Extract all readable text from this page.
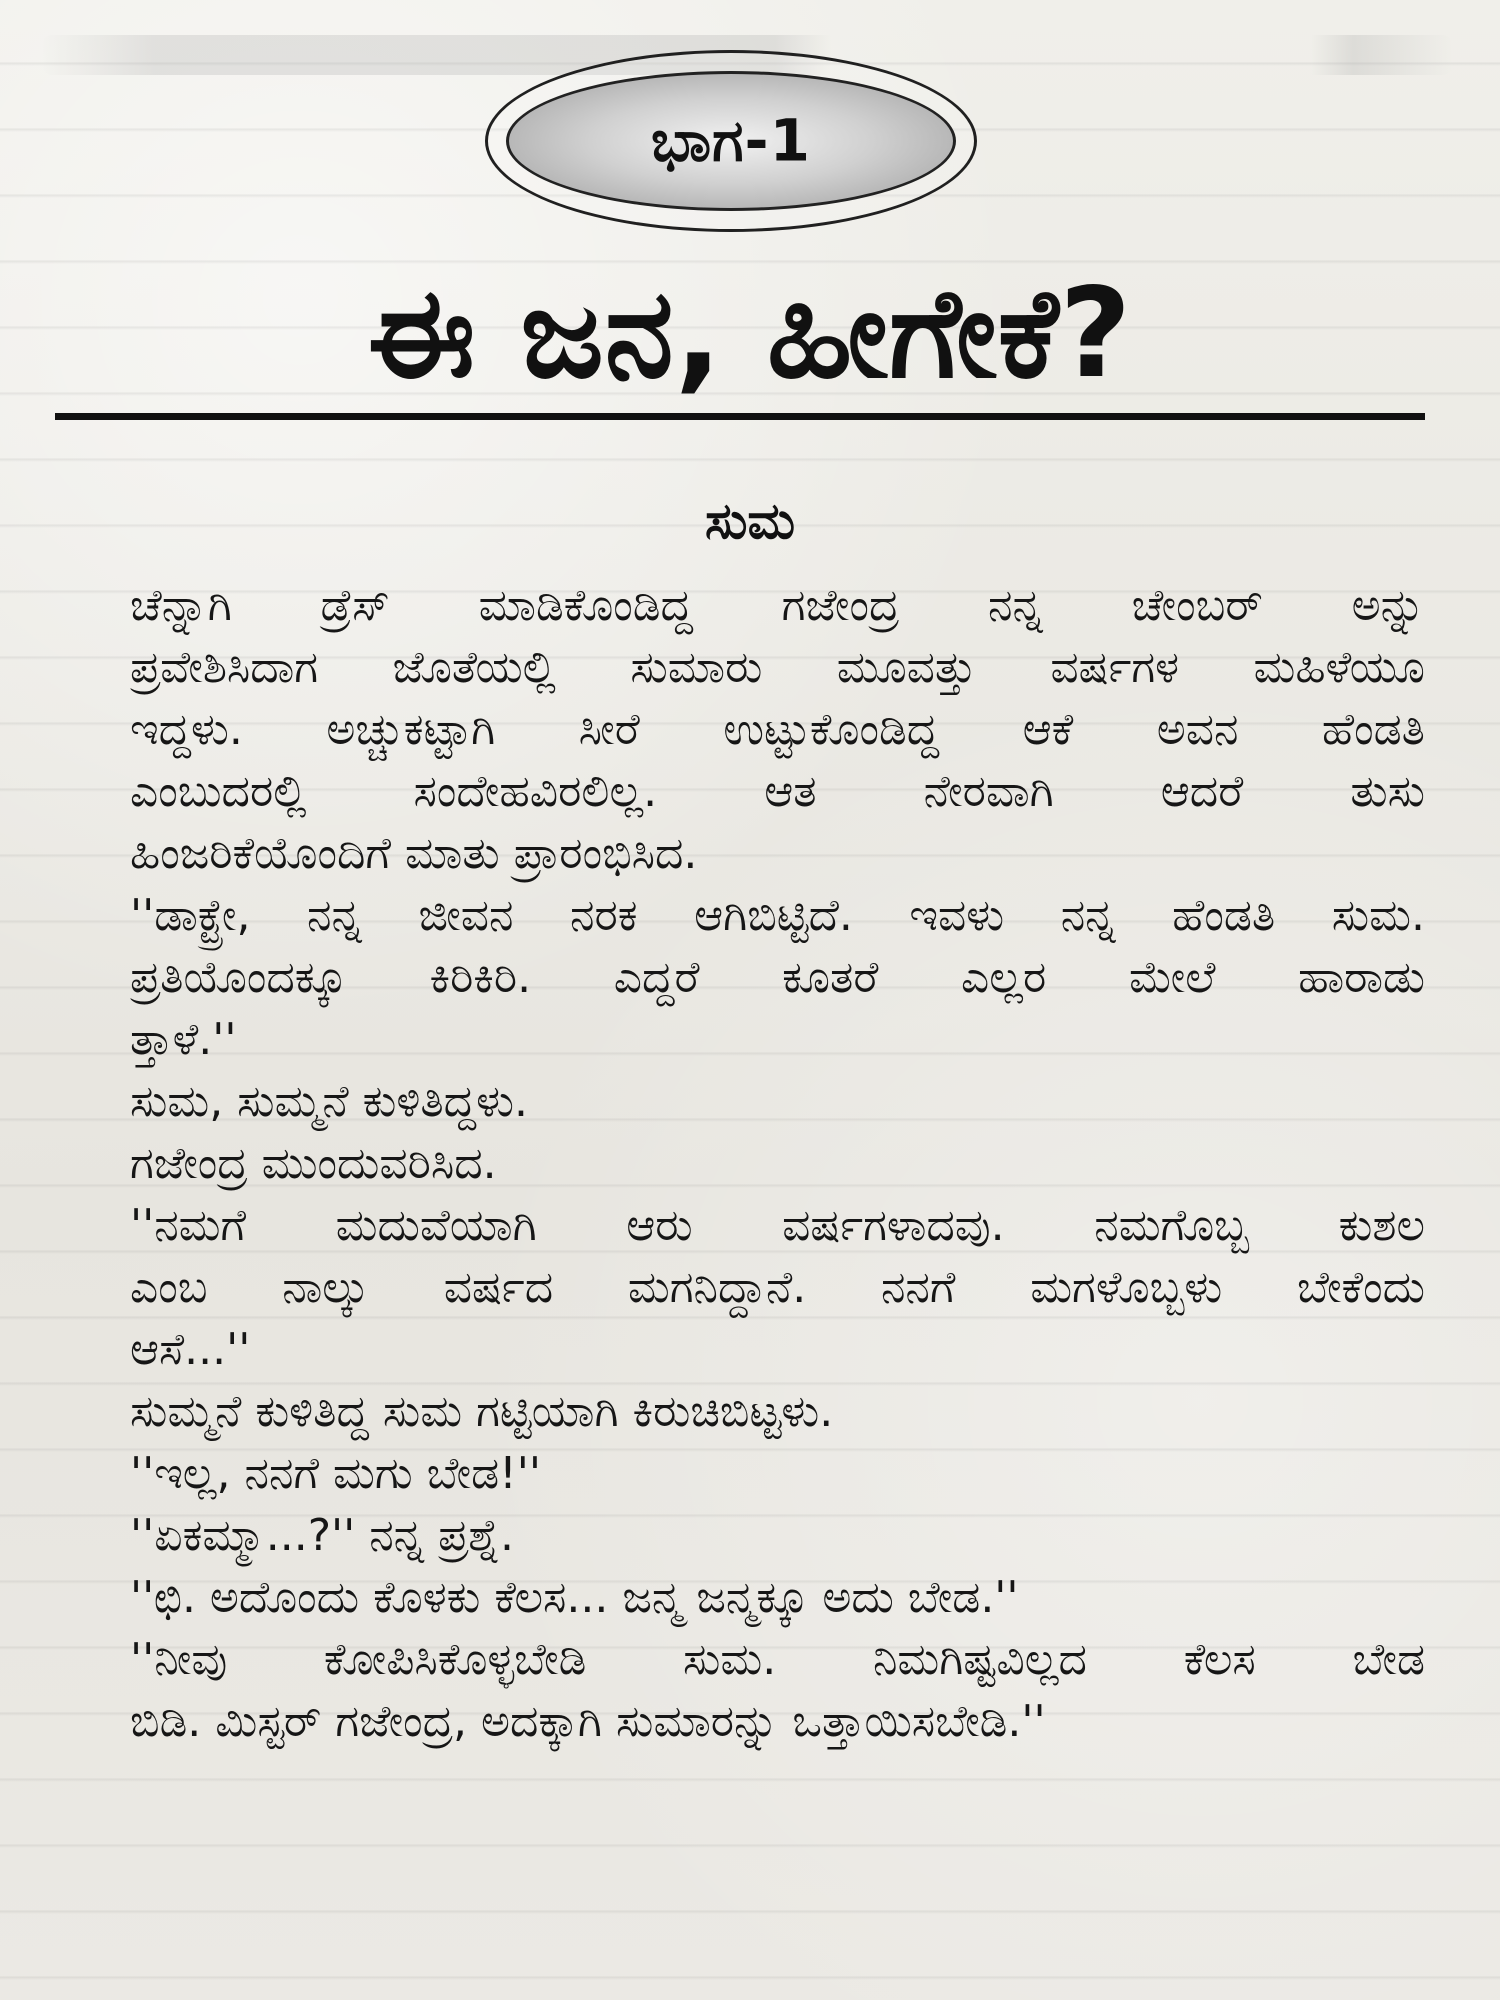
ಭಾಗ-1
ಈ ಜನ, ಹೀಗೇಕೆ?
ಸುಮ
ಚೆನ್ನಾಗಿ ಡ್ರೆಸ್ ಮಾಡಿಕೊಂಡಿದ್ದ ಗಜೇಂದ್ರ ನನ್ನ ಚೇಂಬರ್ ಅನ್ನು
ಪ್ರವೇಶಿಸಿದಾಗ ಜೊತೆಯಲ್ಲಿ ಸುಮಾರು ಮೂವತ್ತು ವರ್ಷಗಳ ಮಹಿಳೆಯೂ
ಇದ್ದಳು. ಅಚ್ಚುಕಟ್ಟಾಗಿ ಸೀರೆ ಉಟ್ಟುಕೊಂಡಿದ್ದ ಆಕೆ ಅವನ ಹೆಂಡತಿ
ಎಂಬುದರಲ್ಲಿ ಸಂದೇಹವಿರಲಿಲ್ಲ. ಆತ ನೇರವಾಗಿ ಆದರೆ ತುಸು
ಹಿಂಜರಿಕೆಯೊಂದಿಗೆ ಮಾತು ಪ್ರಾರಂಭಿಸಿದ.
''ಡಾಕ್ಟ್ರೇ, ನನ್ನ ಜೀವನ ನರಕ ಆಗಿಬಿಟ್ಟಿದೆ. ಇವಳು ನನ್ನ ಹೆಂಡತಿ ಸುಮ.
ಪ್ರತಿಯೊಂದಕ್ಕೂ ಕಿರಿಕಿರಿ. ಎದ್ದರೆ ಕೂತರೆ ಎಲ್ಲರ ಮೇಲೆ ಹಾರಾಡು
ತ್ತಾಳೆ.''
ಸುಮ, ಸುಮ್ಮನೆ ಕುಳಿತಿದ್ದಳು.
ಗಜೇಂದ್ರ ಮುಂದುವರಿಸಿದ.
''ನಮಗೆ ಮದುವೆಯಾಗಿ ಆರು ವರ್ಷಗಳಾದವು. ನಮಗೊಬ್ಬ ಕುಶಲ
ಎಂಬ ನಾಲ್ಕು ವರ್ಷದ ಮಗನಿದ್ದಾನೆ. ನನಗೆ ಮಗಳೊಬ್ಬಳು ಬೇಕೆಂದು
ಆಸೆ...''
ಸುಮ್ಮನೆ ಕುಳಿತಿದ್ದ ಸುಮ ಗಟ್ಟಿಯಾಗಿ ಕಿರುಚಿಬಿಟ್ಟಳು.
''ಇಲ್ಲ, ನನಗೆ ಮಗು ಬೇಡ!''
''ಏಕಮ್ಮಾ...?'' ನನ್ನ ಪ್ರಶ್ನೆ.
''ಛಿ. ಅದೊಂದು ಕೊಳಕು ಕೆಲಸ... ಜನ್ಮ ಜನ್ಮಕ್ಕೂ ಅದು ಬೇಡ.''
''ನೀವು ಕೋಪಿಸಿಕೊಳ್ಳಬೇಡಿ ಸುಮ. ನಿಮಗಿಷ್ಟವಿಲ್ಲದ ಕೆಲಸ ಬೇಡ
ಬಿಡಿ. ಮಿಸ್ಟರ್ ಗಜೇಂದ್ರ, ಅದಕ್ಕಾಗಿ ಸುಮಾರನ್ನು ಒತ್ತಾಯಿಸಬೇಡಿ.''
